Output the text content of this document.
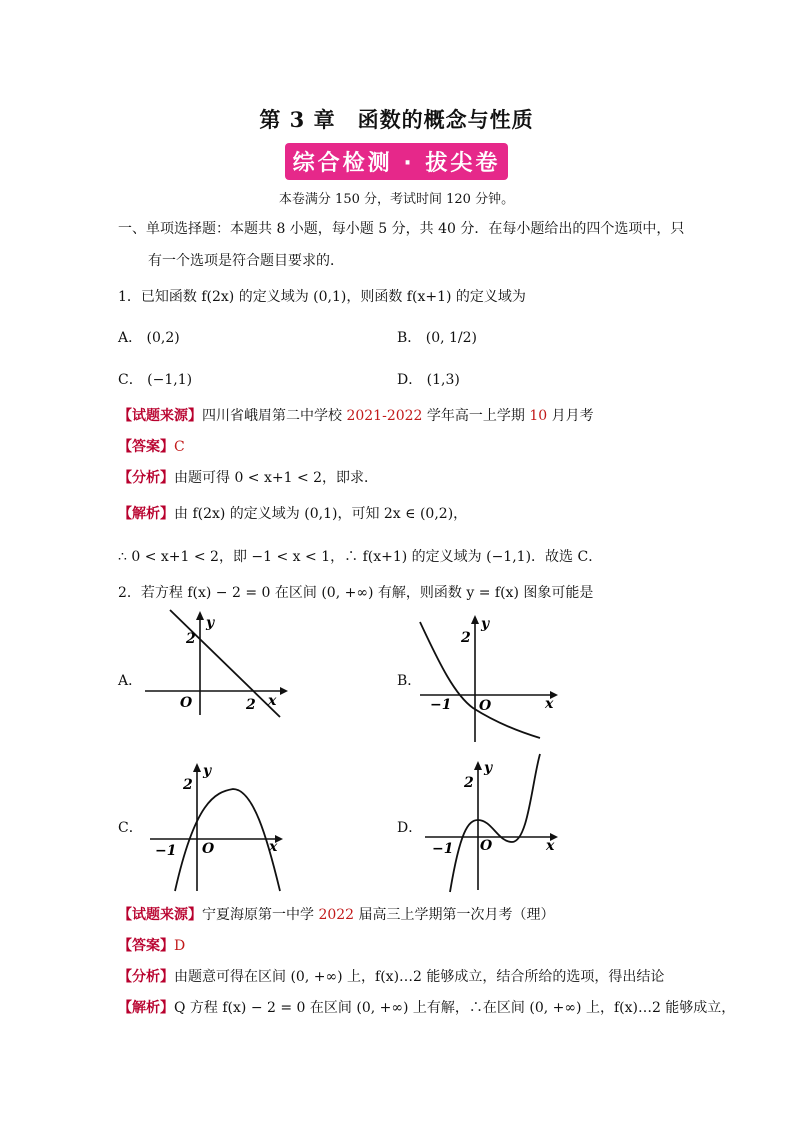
第 3 章　函数的概念与性质
综合检测 · 拔尖卷
本卷满分 150 分，考试时间 120 分钟。
一、单项选择题：本题共 8 小题，每小题 5 分，共 40 分．在每小题给出的四个选项中，只
有一个选项是符合题目要求的．
1．已知函数 f(2x) 的定义域为 (0,1)，则函数 f(x+1) 的定义域为
A． (0,2)	B． (0, 1/2)
C． (−1,1)	D． (1,3)
【试题来源】四川省峨眉第二中学校 2021-2022 学年高一上学期 10 月月考
【答案】C
【分析】由题可得 0 < x+1 < 2，即求．
【解析】由 f(2x) 的定义域为 (0,1)，可知 2x ∈ (0,2)，
∴ 0 < x+1 < 2，即 −1 < x < 1，∴ f(x+1) 的定义域为 (−1,1)．故选 C．
2．若方程 f(x) − 2 = 0 在区间 (0, +∞) 有解，则函数 y = f(x) 图象可能是
A．	B．
C．	D．
y
x
O
2
2
y
x
O
2
−1
y
x
O
2
−1
y
x
O
2
−1
【试题来源】宁夏海原第一中学 2022 届高三上学期第一次月考（理）
【答案】D
【分析】由题意可得在区间 (0, +∞) 上，f(x)…2 能够成立，结合所给的选项，得出结论
【解析】Q 方程 f(x) − 2 = 0 在区间 (0, +∞) 上有解，∴在区间 (0, +∞) 上，f(x)…2 能够成立，
